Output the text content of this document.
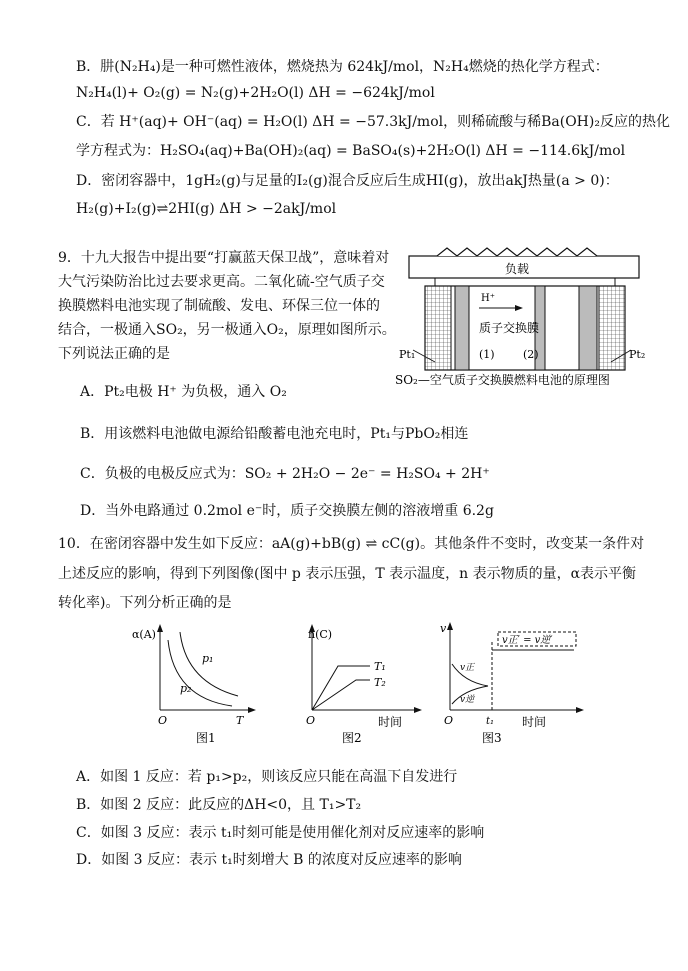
B．肼(N₂H₄)是一种可燃性液体，燃烧热为 624kJ/mol，N₂H₄燃烧的热化学方程式：
N₂H₄(l)+ O₂(g) = N₂(g)+2H₂O(l) ΔH = −624kJ/mol
C．若 H⁺(aq)+ OH⁻(aq) = H₂O(l) ΔH = −57.3kJ/mol，则稀硫酸与稀Ba(OH)₂反应的热化
学方程式为：H₂SO₄(aq)+Ba(OH)₂(aq) = BaSO₄(s)+2H₂O(l) ΔH = −114.6kJ/mol
D．密闭容器中，1gH₂(g)与足量的I₂(g)混合反应后生成HI(g)，放出akJ热量(a > 0)：
H₂(g)+I₂(g)⇌2HI(g) ΔH > −2akJ/mol
9．十九大报告中提出要“打赢蓝天保卫战”，意味着对
大气污染防治比过去要求更高。二氧化硫-空气质子交
换膜燃料电池实现了制硫酸、发电、环保三位一体的
结合，一极通入SO₂，另一极通入O₂，原理如图所示。
下列说法正确的是
负载
H⁺
质子交换膜
(1)	(2)
Pt₁	Pt₂
SO₂—空气质子交换膜燃料电池的原理图
A．Pt₂电极 H⁺ 为负极，通入 O₂
B．用该燃料电池做电源给铅酸蓄电池充电时，Pt₁与PbO₂相连
C．负极的电极反应式为：SO₂ + 2H₂O − 2e⁻ = H₂SO₄ + 2H⁺
D．当外电路通过 0.2mol e⁻时，质子交换膜左侧的溶液增重 6.2g
10．在密闭容器中发生如下反应：aA(g)+bB(g) ⇌ cC(g)。其他条件不变时，改变某一条件对
上述反应的影响，得到下列图像(图中 p 表示压强，T 表示温度，n 表示物质的量，α表示平衡
转化率)。下列分析正确的是
α(A)
O	T
p₁
p₂
图1
n(C)
O	时间
T₁
T₂
图2
v
O	t₁ 时间
v正′ = v逆′
v正
v逆
图3
A．如图 1 反应：若 p₁>p₂，则该反应只能在高温下自发进行
B．如图 2 反应：此反应的ΔH<0，且 T₁>T₂
C．如图 3 反应：表示 t₁时刻可能是使用催化剂对反应速率的影响
D．如图 3 反应：表示 t₁时刻增大 B 的浓度对反应速率的影响
